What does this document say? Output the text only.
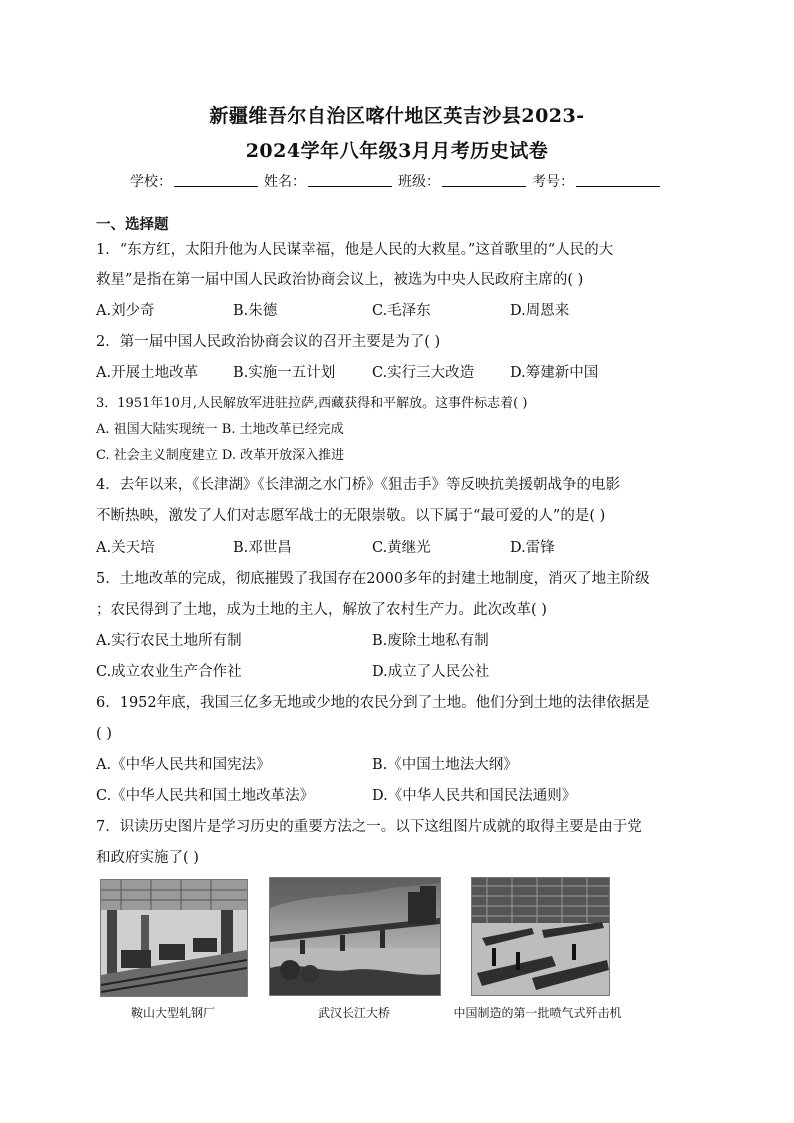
新疆维吾尔自治区喀什地区英吉沙县2023-
2024学年八年级3月月考历史试卷
学校：	姓名：	班级：	考号：
一、选择题
1．“东方红，太阳升他为人民谋幸福，他是人民的大救星。”这首歌里的“人民的大
救星”是指在第一届中国人民政治协商会议上，被选为中央人民政府主席的( )
A.刘少奇	B.朱德	C.毛泽东	D.周恩来
2．第一届中国人民政治协商会议的召开主要是为了( )
A.开展土地改革 B.实施一五计划	C.实行三大改造 D.筹建新中国
3．1951年10月,人民解放军进驻拉萨,西藏获得和平解放。这事件标志着( )
A. 祖国大陆实现统一 B. 土地改革已经完成
C. 社会主义制度建立 D. 改革开放深入推进
4．去年以来，《长津湖》《长津湖之水门桥》《狙击手》等反映抗美援朝战争的电影
不断热映，激发了人们对志愿军战士的无限崇敬。以下属于“最可爱的人”的是( )
A.关天培	B.邓世昌	C.黄继光	D.雷锋
5．土地改革的完成，彻底摧毁了我国存在2000多年的封建土地制度，消灭了地主阶级
；农民得到了土地，成为土地的主人，解放了农村生产力。此次改革( )
A.实行农民土地所有制	B.废除土地私有制
C.成立农业生产合作社	D.成立了人民公社
6．1952年底，我国三亿多无地或少地的农民分到了土地。他们分到土地的法律依据是
( )
A.《中华人民共和国宪法》	B.《中国土地法大纲》
C.《中华人民共和国土地改革法》	D.《中华人民共和国民法通则》
7．识读历史图片是学习历史的重要方法之一。以下这组图片成就的取得主要是由于党
和政府实施了( )
鞍山大型轧钢厂	武汉长江大桥	中国制造的第一批喷气式歼击机
